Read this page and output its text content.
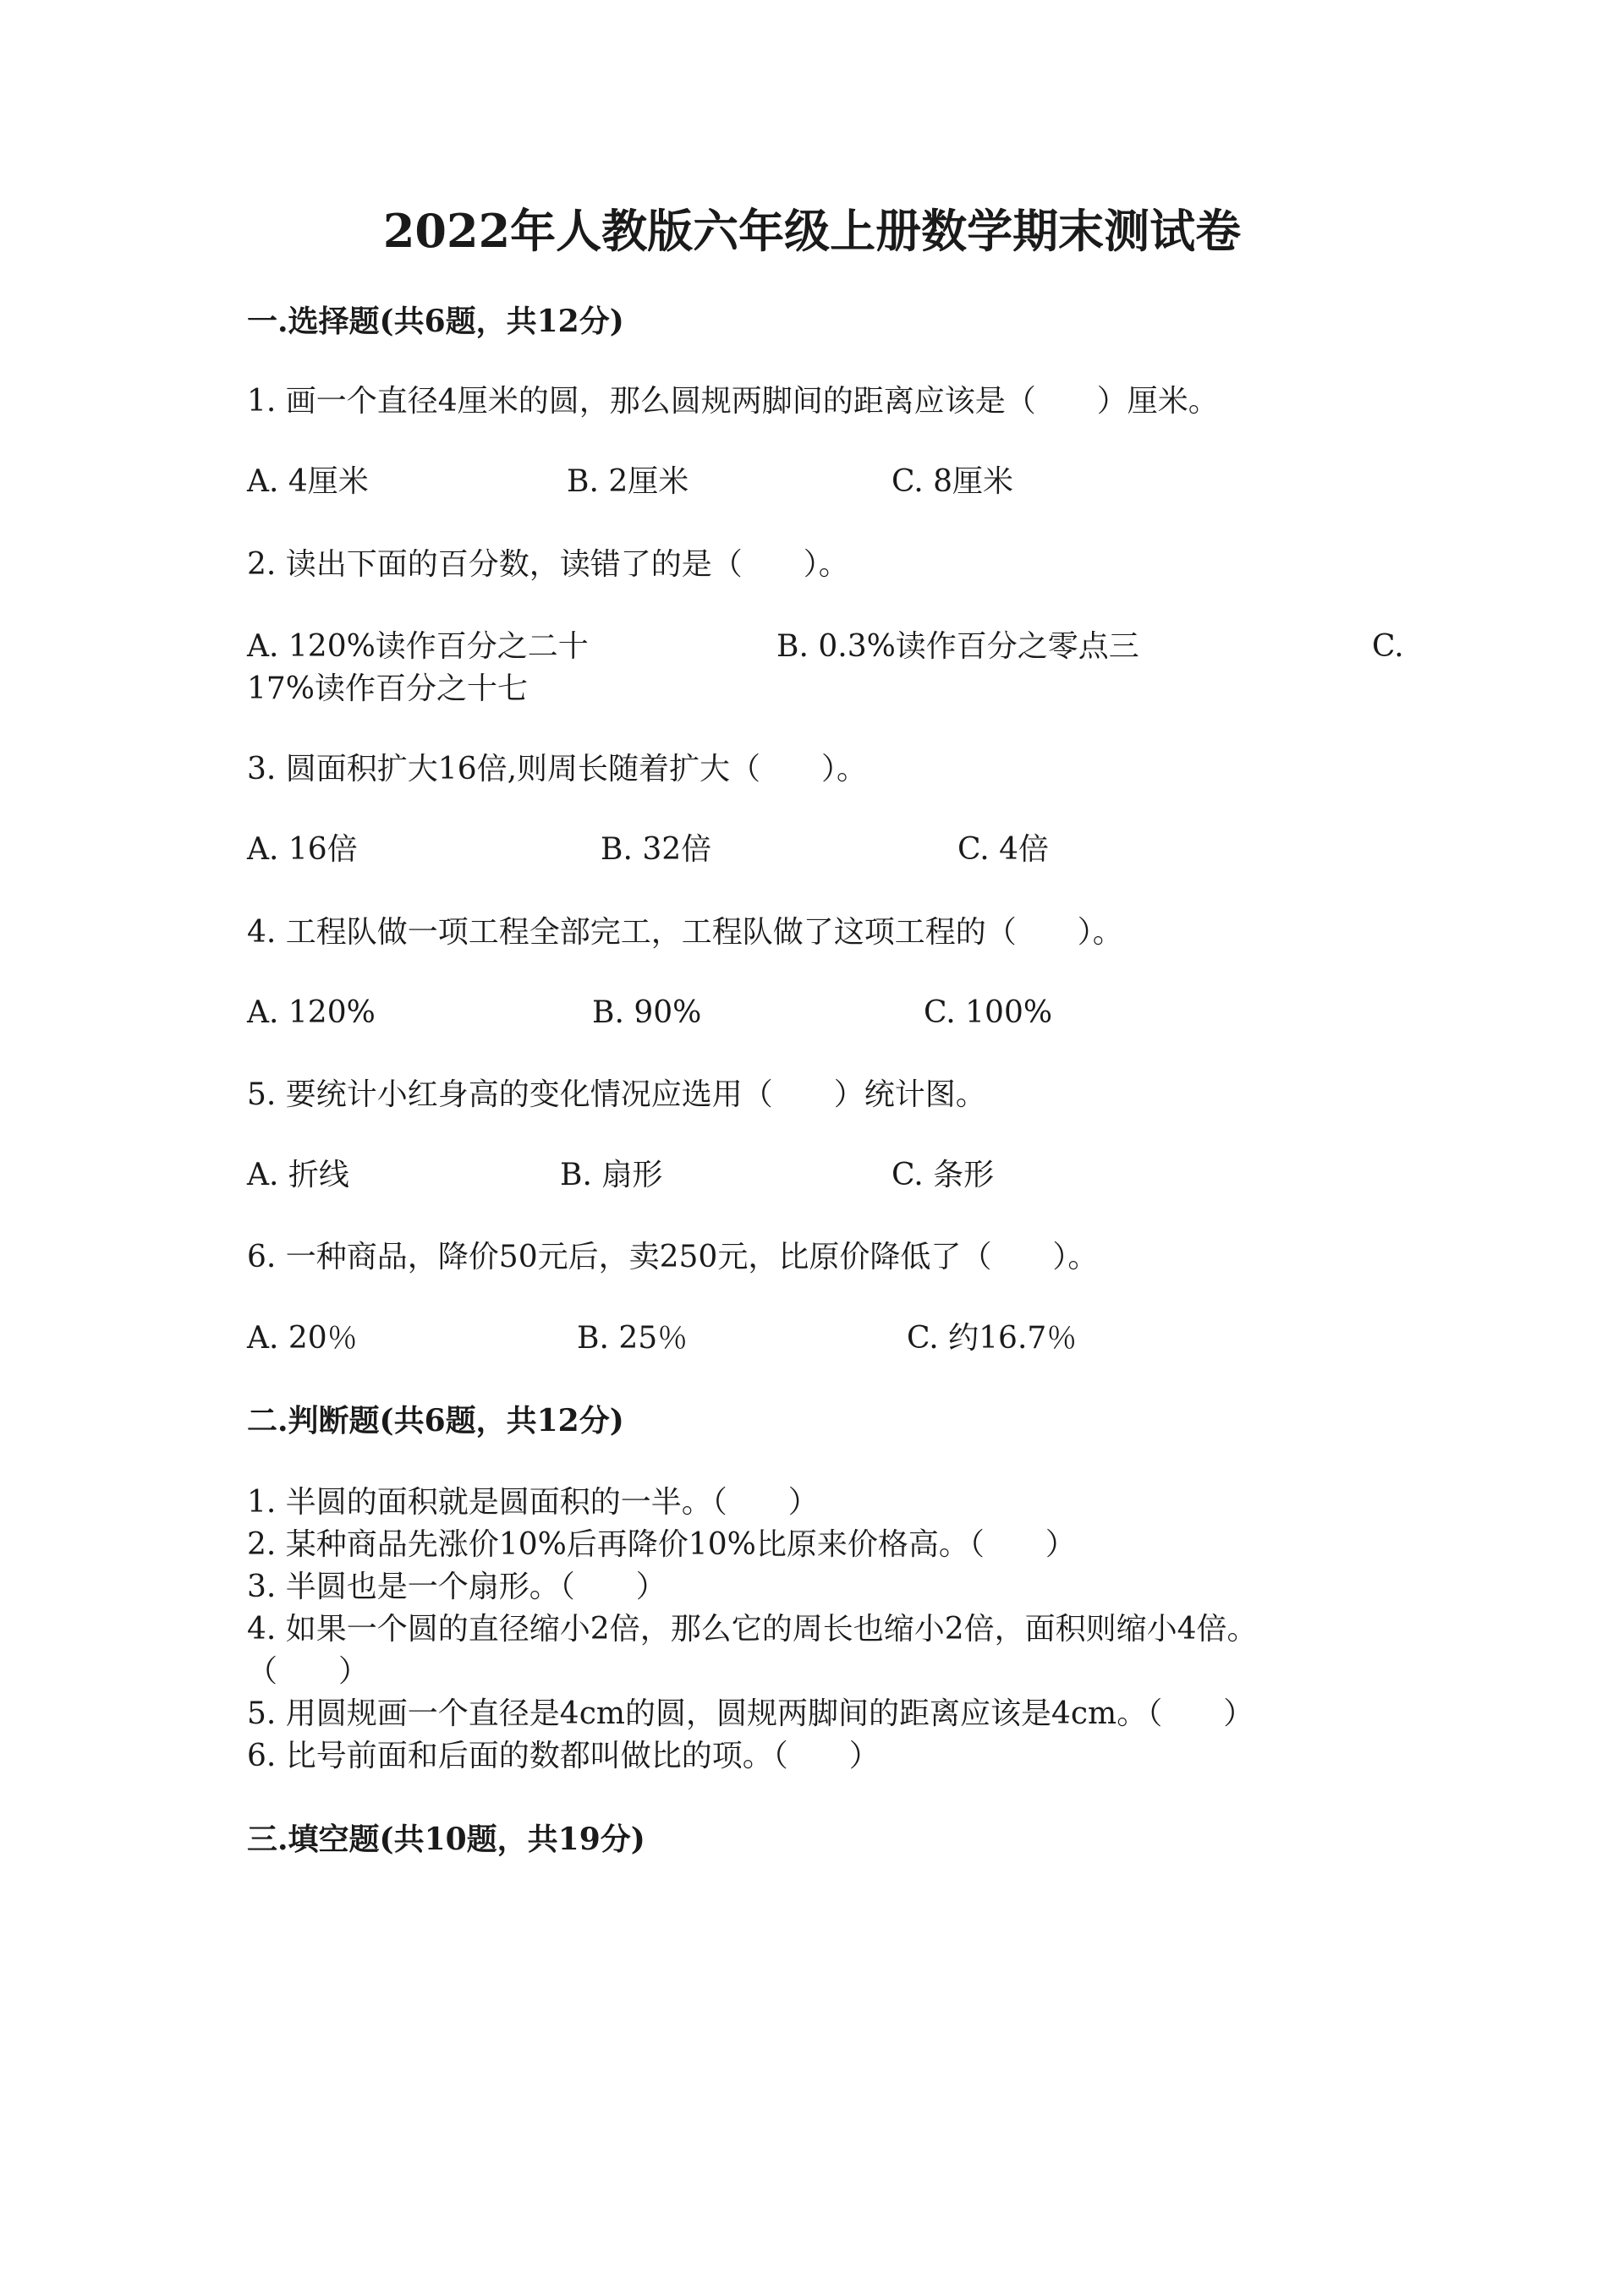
2022年人教版六年级上册数学期末测试卷
一.选择题(共6题，共12分)
1. 画一个直径4厘米的圆，那么圆规两脚间的距离应该是（　　）厘米。
A. 4厘米	B. 2厘米	C. 8厘米
2. 读出下面的百分数，读错了的是（　　）。
A. 120%读作百分之二十	B. 0.3%读作百分之零点三	C.
17%读作百分之十七
3. 圆面积扩大16倍,则周长随着扩大（　　）。
A. 16倍	B. 32倍	C. 4倍
4. 工程队做一项工程全部完工，工程队做了这项工程的（　　）。
A. 120%	B. 90%	C. 100%
5. 要统计小红身高的变化情况应选用（　　）统计图。
A. 折线	B. 扇形	C. 条形
6. 一种商品，降价50元后，卖250元，比原价降低了（　　）。
A. 20％	B. 25％	C. 约16.7％
二.判断题(共6题，共12分)
1. 半圆的面积就是圆面积的一半。（　　）
2. 某种商品先涨价10%后再降价10%比原来价格高。（　　）
3. 半圆也是一个扇形。（　　）
4. 如果一个圆的直径缩小2倍，那么它的周长也缩小2倍，面积则缩小4倍。
（　　）
5. 用圆规画一个直径是4cm的圆，圆规两脚间的距离应该是4cm。（　　）
6. 比号前面和后面的数都叫做比的项。（　　）
三.填空题(共10题，共19分)
